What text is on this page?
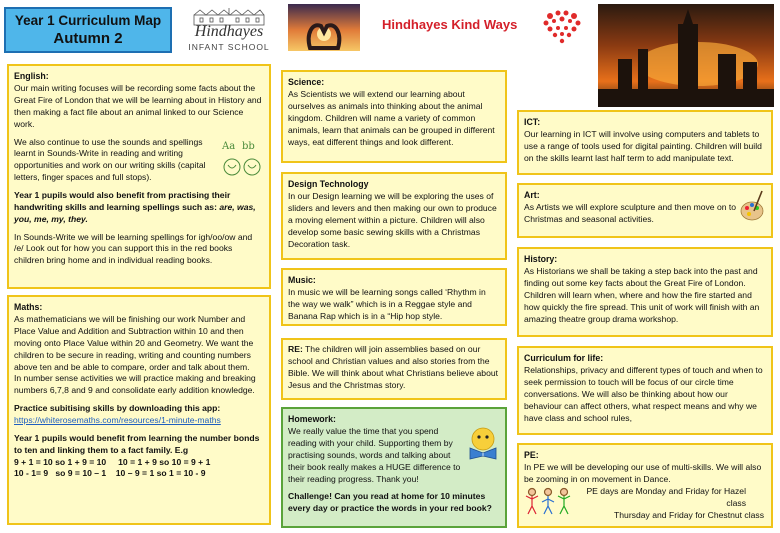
Year 1 Curriculum Map
Autumn 2	Hindhayes
INFANT SCHOOL
Hindhayes Kind Ways
English:

Our main writing focuses will be recording some facts about the Great Fire of London that we will be learning about in History and then making a fact file about an animal linked to our Science work.

We also continue to use the sounds and spellings learnt in Sounds-Write in reading and writing opportunities and work on our writing skills (capital letters, finger spaces and full stops).

Aa bb

Year 1 pupils would also benefit from practising their handwriting skills and learning spellings such as: are, was, you, me, my, they.

In Sounds-Write we will be learning spellings for igh/oo/ow and /e/ Look out for how you can support this in the red books children bring home and in individual reading books.

Maths:

As mathematicians we will be finishing our work Number and Place Value and Addition and Subtraction within 10 and then moving onto Place Value within 20 and Geometry. We want the children to be secure in reading, writing and counting numbers above ten and be able to compare, order and talk about them.

In number sense activities we will practice making and breaking numbers 6,7,8 and 9 and consolidate early addition knowledge.

Practice subitising skills by downloading this app:
https://whiterosemaths.com/resources/1-minute-maths

Year 1 pupils would benefit from learning the number bonds to ten and linking them to a fact family. E.g

9 + 1 = 10 so 1 + 9 = 10     10 = 1 + 9 so 10 = 9 + 1
10 - 1= 9   so 9 = 10 – 1    10 – 9 = 1 so 1 = 10 - 9
Science:

As Scientists we will extend our learning about ourselves as animals into thinking about the animal kingdom. Children will name a variety of common animals, learn that animals can be grouped in different ways, eat different things and look different.

Design Technology

In our Design learning we will be exploring the uses of sliders and levers and then making our own to produce a moving element within a picture. Children will also develop some basic sewing skills with a Christmas Decoration task.

Music:

In music we will be learning songs called ‘Rhythm in the way we walk” which is in a Reggae style and Banana Rap which is in a “Hip hop style.

RE: The children will join assemblies based on our school and Christian values and also stories from the Bible. We will think about what Christians believe about Jesus and the Christmas story.

Homework:

We really value the time that you spend reading with your child. Supporting them by practising sounds, words and talking about their book really makes a HUGE difference to their reading progress. Thank you!

Challenge! Can you read at home for 10 minutes every day or practice the words in your red book?

ICT:

Our learning in ICT will involve using computers and tablets to use a range of tools used for digital painting. Children will build on the skills learnt last half term to add manipulate text.

Art:

As Artists we will explore sculpture and then move on to Christmas and seasonal activities.

History:

As Historians we shall be taking a step back into the past and finding out some key facts about the Great Fire of London. Children will learn when, where and how the fire started and how quickly the fire spread. This unit of work will finish with an amazing theatre group drama workshop.

Curriculum for life:

Relationships, privacy and different types of touch and when to seek permission to touch will be focus of our circle time conversations. We will also be thinking about how our behaviour can affect others, what respect means and why we have class and school rules,

PE:

In PE we will be developing our use of multi-skills. We will also be zooming in on movement in Dance.

PE days are Monday and Friday for Hazel class
Thursday and Friday for Chestnut class
